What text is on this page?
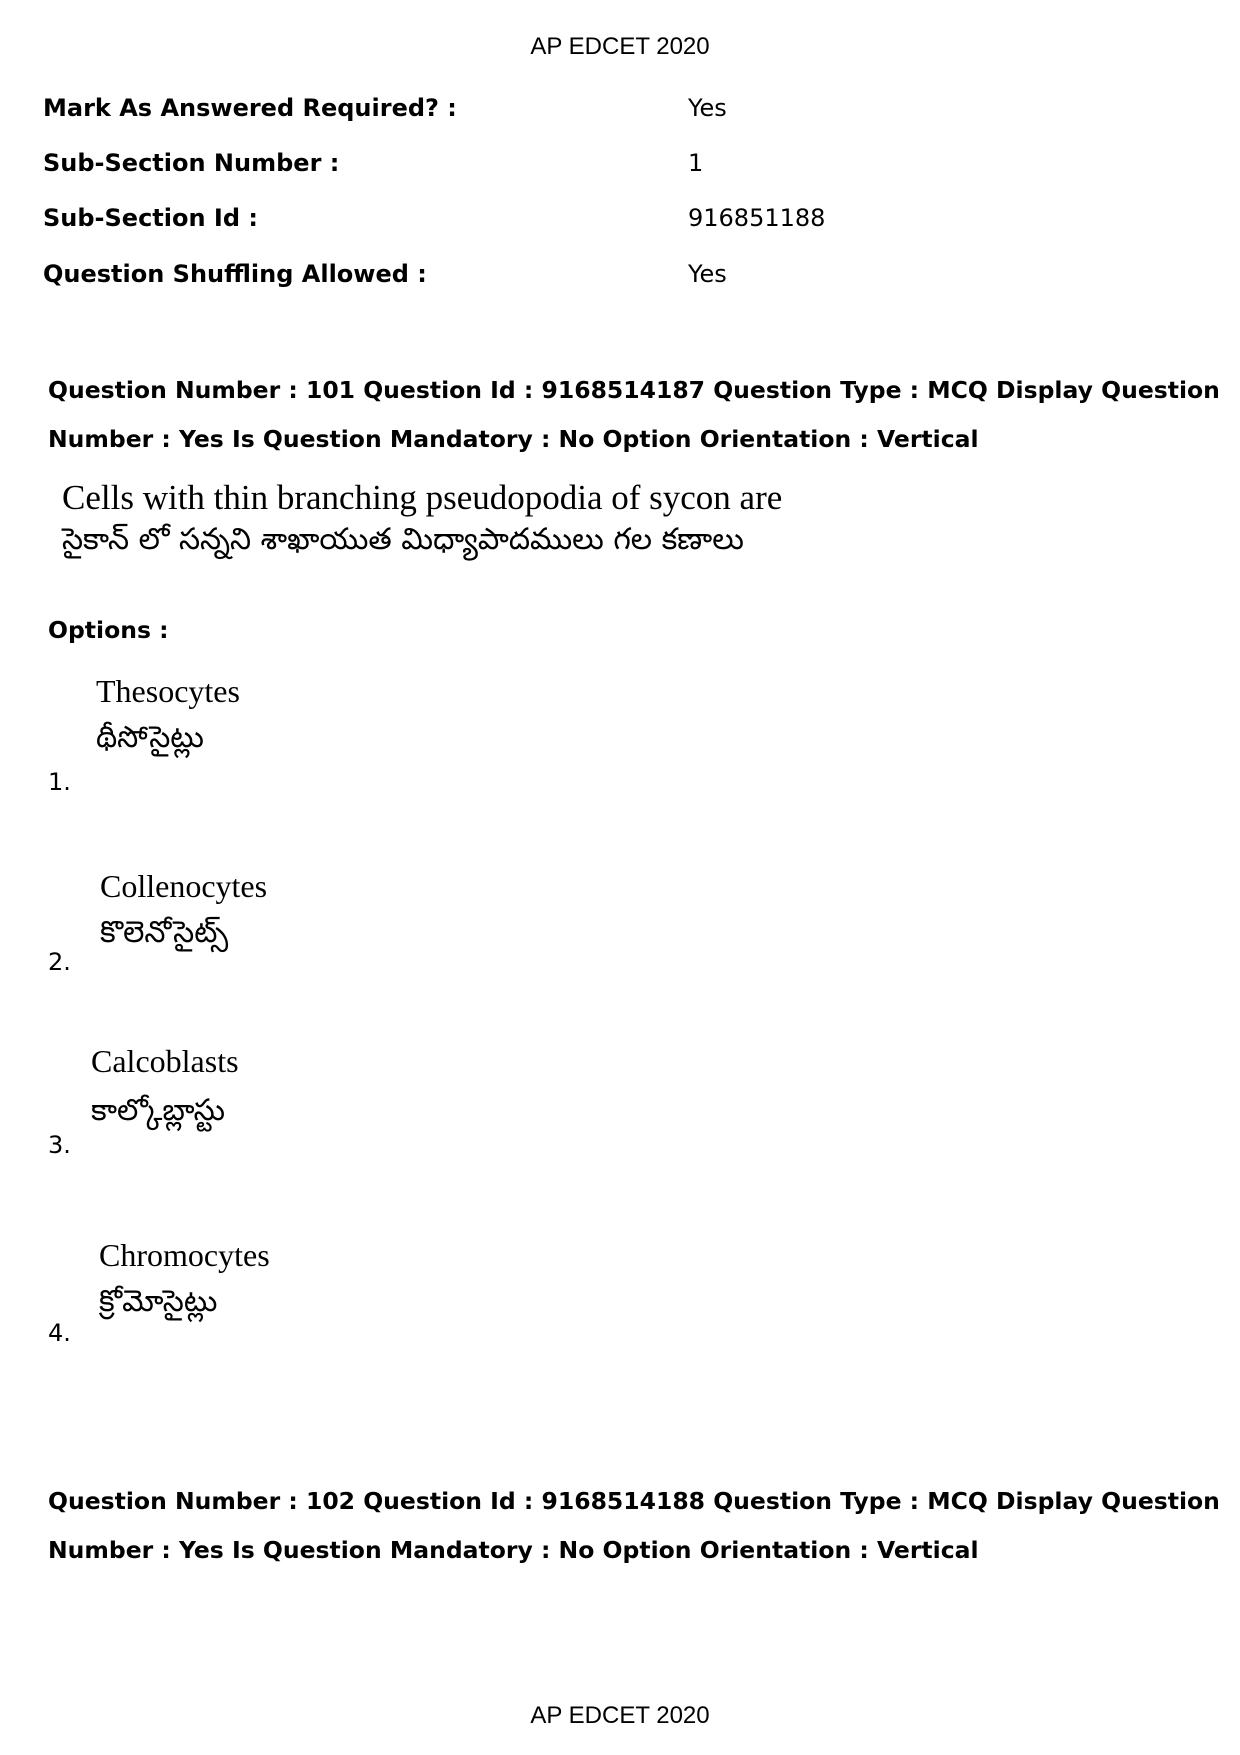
AP EDCET 2020
Mark As Answered Required? :	Yes
Sub-Section Number :	1
Sub-Section Id :	916851188
Question Shuffling Allowed :	Yes
Question Number : 101 Question Id : 9168514187 Question Type : MCQ Display Question
Number : Yes Is Question Mandatory : No Option Orientation : Vertical
Cells with thin branching pseudopodia of sycon are
సైకాన్ లో సన్నని శాఖాయుత మిధ్యాపాదములు గల కణాలు
Options :
Thesocytes
థీసోసైట్లు
1.
Collenocytes
కొలెనోసైట్స్
2.
Calcoblasts
కాల్కోబ్లాస్టు
3.
Chromocytes
క్రోమోసైట్లు
4.
Question Number : 102 Question Id : 9168514188 Question Type : MCQ Display Question
Number : Yes Is Question Mandatory : No Option Orientation : Vertical
AP EDCET 2020
